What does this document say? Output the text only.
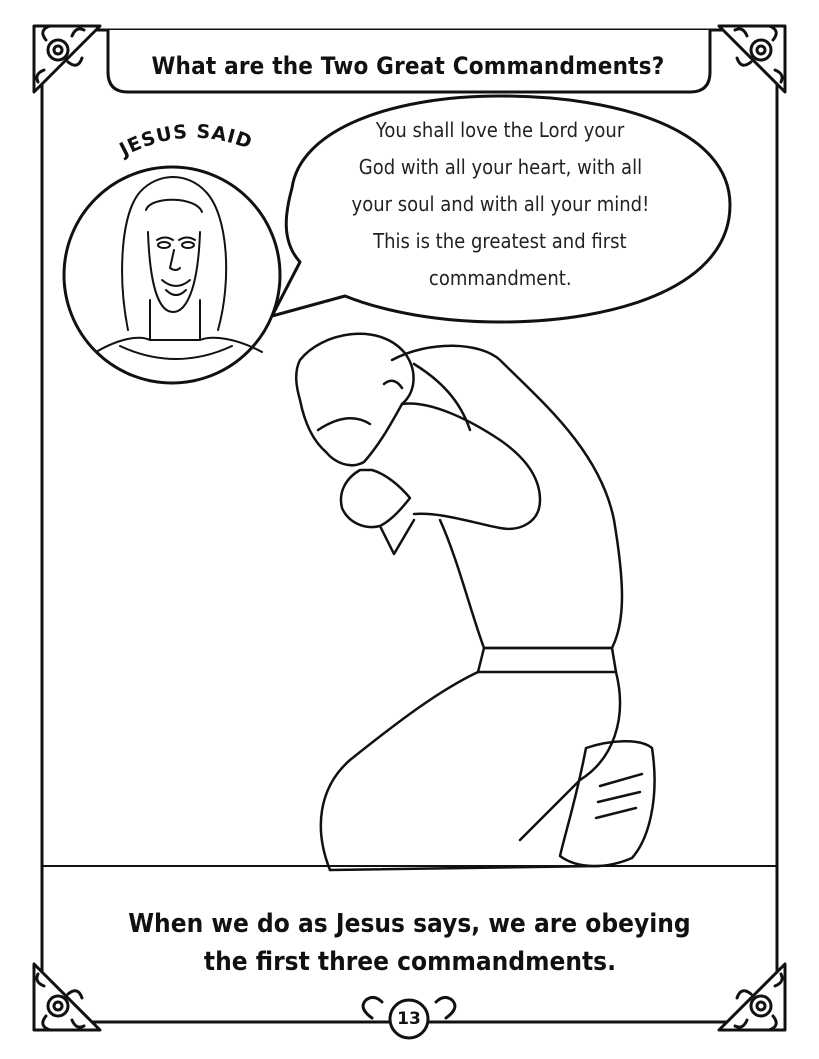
JESUS SAID
What are the Two Great Commandments?
You shall love the Lord your
God with all your heart, with all
your soul and with all your mind!
This is the greatest and first
commandment.
When we do as Jesus says, we are obeying
the first three commandments.
13
